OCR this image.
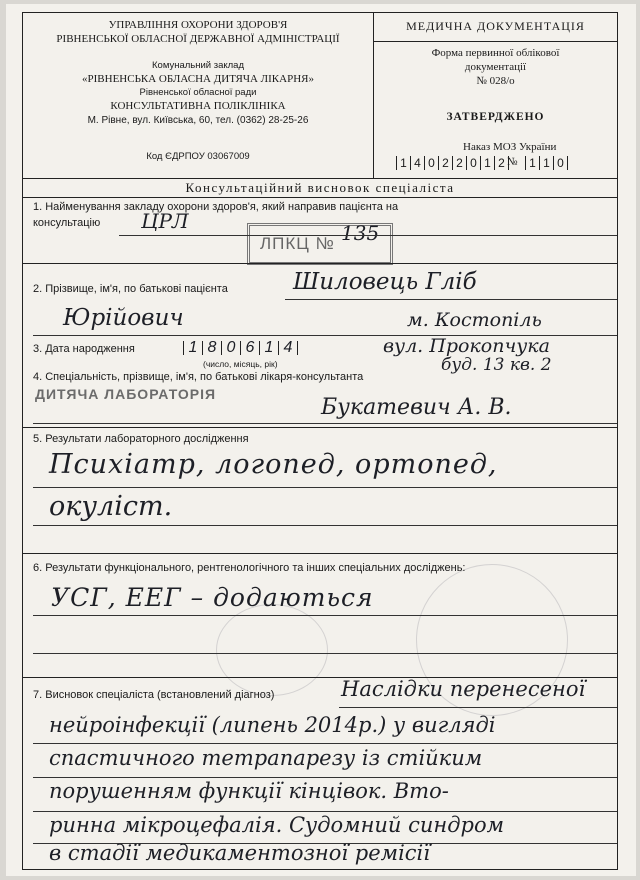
УПРАВЛІННЯ ОХОРОНИ ЗДОРОВ'Я
РІВНЕНСЬКОЇ ОБЛАСНОЇ ДЕРЖАВНОЇ АДМІНІСТРАЦІЇ
Комунальний заклад
«РІВНЕНСЬКА ОБЛАСНА ДИТЯЧА ЛІКАРНЯ»
Рівненської обласної ради
КОНСУЛЬТАТИВНА ПОЛІКЛІНІКА
М. Рівне, вул. Київська, 60, тел. (0362) 28-25-26
Код ЄДРПОУ 03067009
МЕДИЧНА ДОКУМЕНТАЦІЯ
Форма первинної облікової
документації
№ 028/о
ЗАТВЕРДЖЕНО
Наказ МОЗ України
1 4 0 2 2 0 1 2 № 1 1 0
Консультаційний висновок спеціаліста
1. Найменування закладу охорони здоров'я, який направив пацієнта на
консультацію ЦРЛ
ЛПКЦ № 135
2. Прізвище, ім'я, по батькові пацієнта	Шиловець Гліб
Юрійович	м. Костопіль
3. Дата народження	1 8 0 6 1 4
(число, місяць, рік)
вул. Прокопчука
буд. 13 кв. 2
4. Спеціальність, прізвище, ім'я, по батькові лікаря-консультанта
ДИТЯЧА ЛАБОРАТОРІЯ
Букатевич А. В.
5. Результати лабораторного дослідження
Психіатр, логопед, ортопед,
окуліст.
6. Результати функціонального, рентгенологічного та інших спеціальних досліджень:
УСГ, ЕЕГ – додаються
7. Висновок спеціаліста (встановлений діагноз)	Наслідки перенесеної
нейроінфекції (липень 2014р.) у вигляді
спастичного тетрапарезу із стійким
порушенням функції кінцівок. Вто-
ринна мікроцефалія. Судомний синдром
в стадії медикаментозної ремісії
